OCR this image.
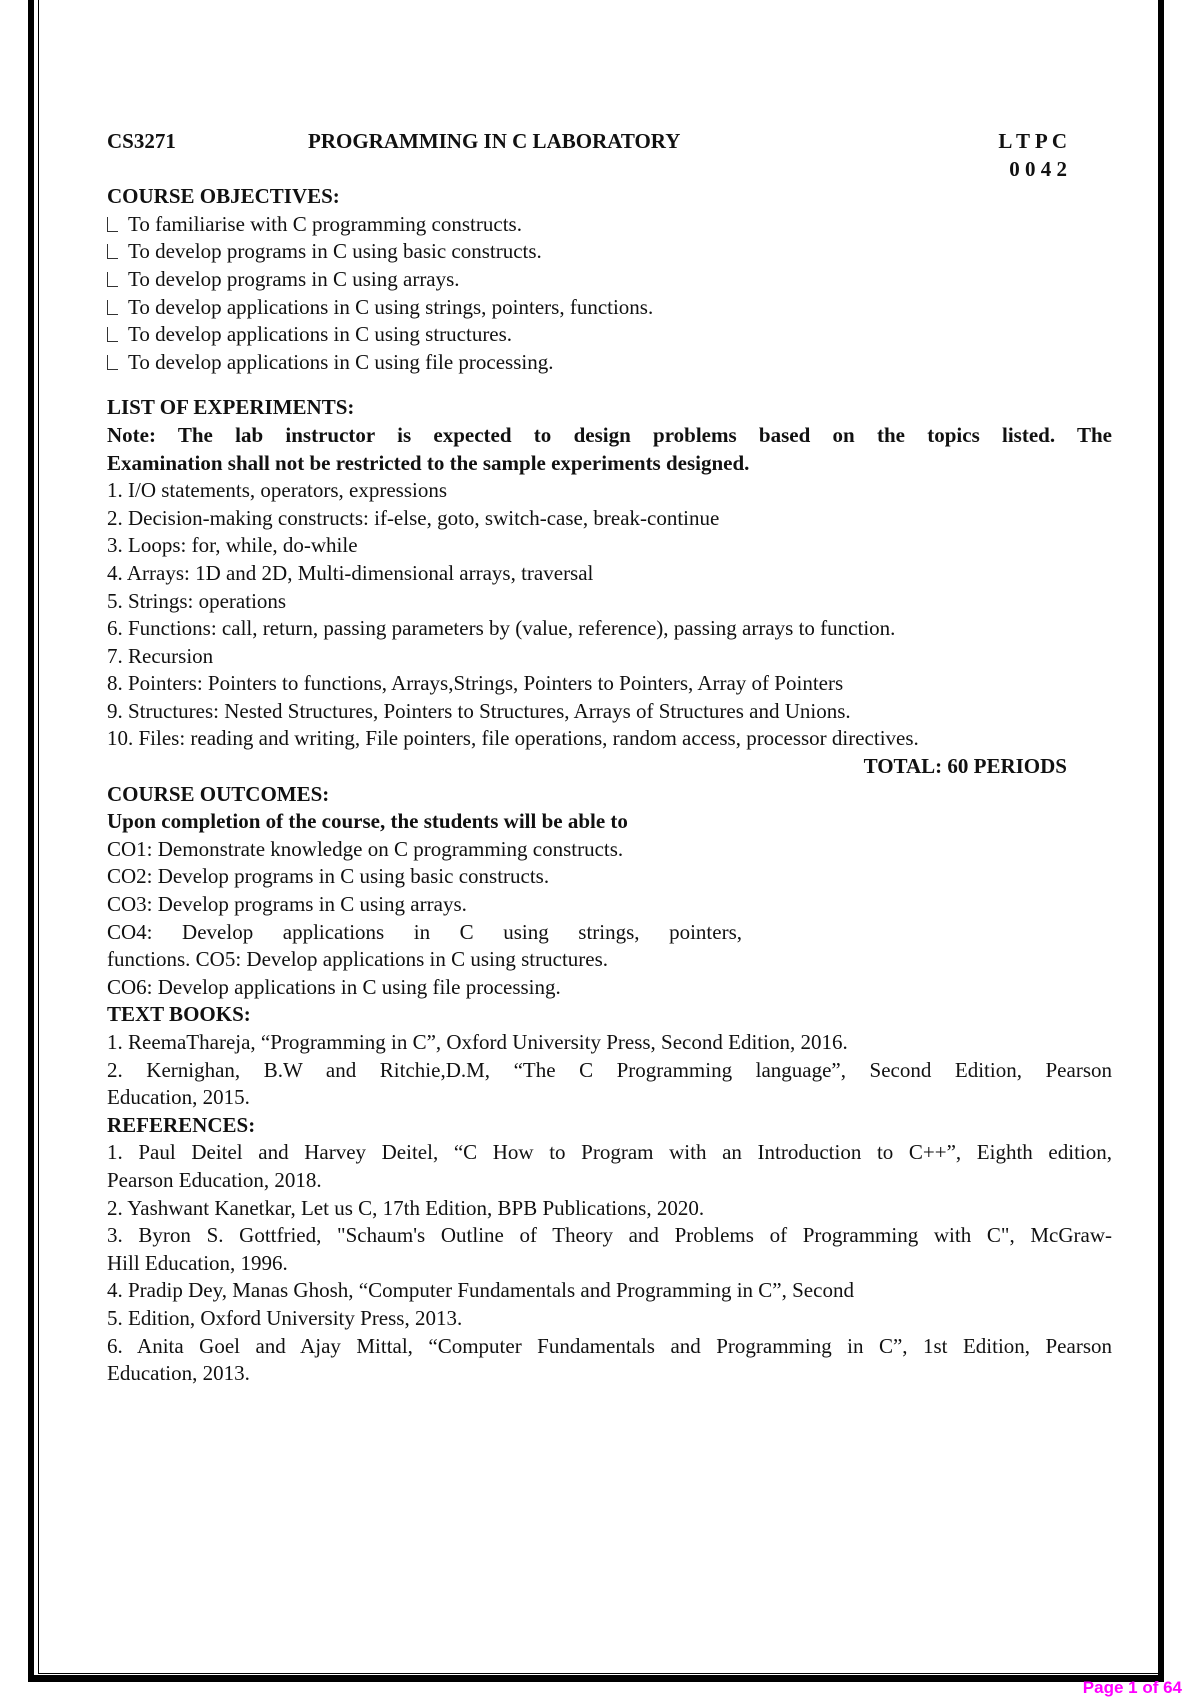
CS3271	PROGRAMMING IN C LABORATORY	L T P C
0 0 4 2
COURSE OBJECTIVES:
To familiarise with C programming constructs.
To develop programs in C using basic constructs.
To develop programs in C using arrays.
To develop applications in C using strings, pointers, functions.
To develop applications in C using structures.
To develop applications in C using file processing.
LIST OF EXPERIMENTS:
Note: The lab instructor is expected to design problems based on the topics listed. The
Examination shall not be restricted to the sample experiments designed.
1. I/O statements, operators, expressions
2. Decision-making constructs: if-else, goto, switch-case, break-continue
3. Loops: for, while, do-while
4. Arrays: 1D and 2D, Multi-dimensional arrays, traversal
5. Strings: operations
6. Functions: call, return, passing parameters by (value, reference), passing arrays to function.
7. Recursion
8. Pointers: Pointers to functions, Arrays,Strings, Pointers to Pointers, Array of Pointers
9. Structures: Nested Structures, Pointers to Structures, Arrays of Structures and Unions.
10. Files: reading and writing, File pointers, file operations, random access, processor directives.
TOTAL: 60 PERIODS
COURSE OUTCOMES:
Upon completion of the course, the students will be able to
CO1: Demonstrate knowledge on C programming constructs.
CO2: Develop programs in C using basic constructs.
CO3: Develop programs in C using arrays.
CO4: Develop applications in C using strings, pointers,
functions. CO5: Develop applications in C using structures.
CO6: Develop applications in C using file processing.
TEXT BOOKS:
1. ReemaThareja, “Programming in C”, Oxford University Press, Second Edition, 2016.
2. Kernighan, B.W and Ritchie,D.M, “The C Programming language”, Second Edition, Pearson
Education, 2015.
REFERENCES:
1. Paul Deitel and Harvey Deitel, “C How to Program with an Introduction to C++”, Eighth edition,
Pearson Education, 2018.
2. Yashwant Kanetkar, Let us C, 17th Edition, BPB Publications, 2020.
3. Byron S. Gottfried, "Schaum's Outline of Theory and Problems of Programming with C", McGraw-
Hill Education, 1996.
4. Pradip Dey, Manas Ghosh, “Computer Fundamentals and Programming in C”, Second
5. Edition, Oxford University Press, 2013.
6. Anita Goel and Ajay Mittal, “Computer Fundamentals and Programming in C”, 1st Edition, Pearson
Education, 2013.
Page 1 of 64
